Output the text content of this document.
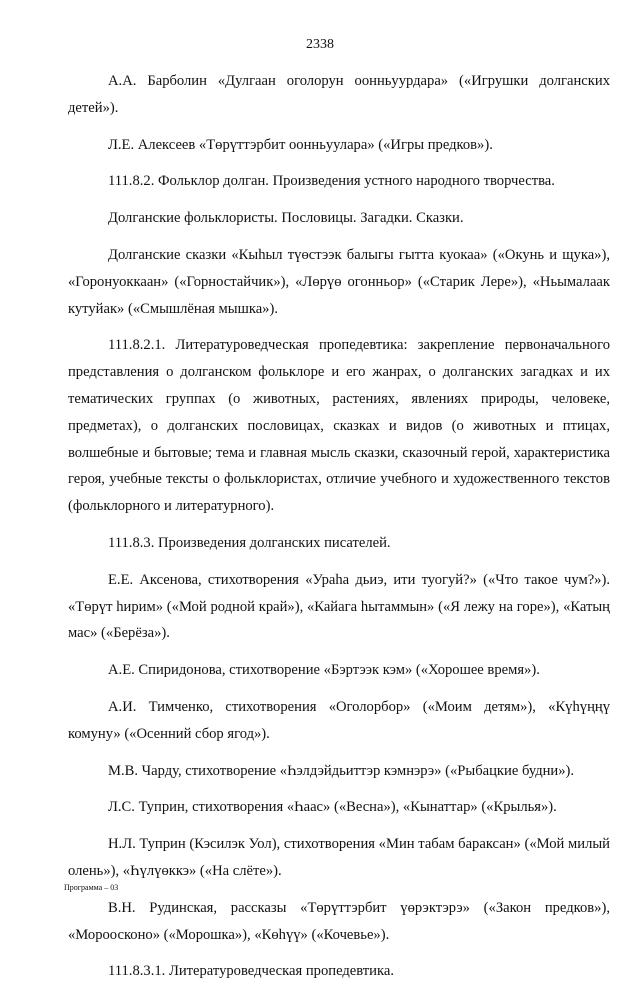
2338

А.А. Барболин «Дулгаан оголорун оонньуурдара» («Игрушки долганских детей»).

Л.Е. Алексеев «Төрүттэрбит оонньуулара» («Игры предков»).

111.8.2. Фольклор долган. Произведения устного народного творчества.

Долганские фольклористы. Пословицы. Загадки. Сказки.

Долганские сказки «Кыһыл түөстээк балыгы гытта куокаа» («Окунь и щука»), «Горонуоккаан» («Горностайчик»), «Лөрүө огонньор» («Старик Лере»), «Ньымалаак кутуйак» («Смышлёная мышка»).

111.8.2.1. Литературоведческая пропедевтика: закрепление первоначального представления о долганском фольклоре и его жанрах, о долганских загадках и их тематических группах (о животных, растениях, явлениях природы, человеке, предметах), о долганских пословицах, сказках и видов (о животных и птицах, волшебные и бытовые; тема и главная мысль сказки, сказочный герой, характеристика героя, учебные тексты о фольклористах, отличие учебного и художественного текстов (фольклорного и литературного).

111.8.3. Произведения долганских писателей.

Е.Е. Аксенова, стихотворения «Ураһа дьиэ, ити туогуй?» («Что такое чум?»). «Төрүт һирим» («Мой родной край»), «Кайага һытаммын» («Я лежу на горе»), «Катың мас» («Берёза»).

А.Е. Спиридонова, стихотворение «Бэртээк кэм» («Хорошее время»).

А.И. Тимченко, стихотворения «Оголорбор» («Моим детям»), «Күһүңңү комуну» («Осенний сбор ягод»).

М.В. Чарду, стихотворение «Һэлдэйдьиттэр кэмнэрэ» («Рыбацкие будни»).

Л.С. Туприн, стихотворения «Һаас» («Весна»), «Кынаттар» («Крылья»).

Н.Л. Туприн (Кэсилэк Уол), стихотворения «Мин табам бараксан» («Мой милый олень»), «Һүлүөккэ» («На слёте»).

В.Н. Рудинская, рассказы «Төрүттэрбит үөрэктэрэ» («Закон предков»), «Мороосконо» («Морошка»), «Көһүү» («Кочевье»).

111.8.3.1. Литературоведческая пропедевтика.

Программа – 03
